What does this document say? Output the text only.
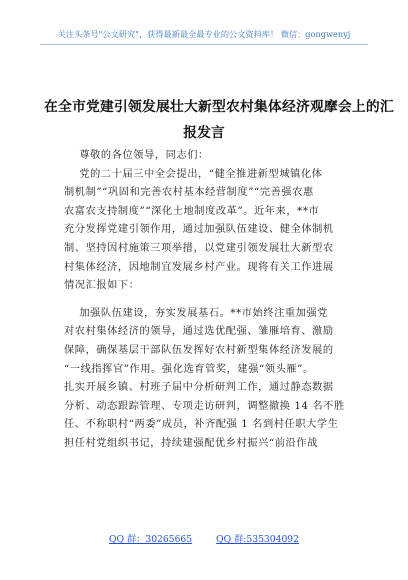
关注头条号"公文研究"，获得最新最全最专业的公文资料库！ 微信：gongwenyj
在全市党建引领发展壮大新型农村集体经济观摩会上的汇
报发言

尊敬的各位领导，同志们：

党的二十届三中全会提出，“健全推进新型城镇化体

制机制”“巩固和完善农村基本经营制度”“完善强农惠

农富农支持制度”“深化土地制度改革”。近年来，**市

充分发挥党建引领作用，通过加强队伍建设、健全体制机

制、坚持因村施策三项举措，以党建引领发展壮大新型农

村集体经济，因地制宜发展乡村产业。现将有关工作进展

情况汇报如下：

加强队伍建设，夯实发展基石。**市始终注重加强党

对农村集体经济的领导，通过选优配强、雏雁培育、激励

保障，确保基层干部队伍发挥好农村新型集体经济发展的

“一线指挥官”作用。强化选育管奖，建强“领头雁”。

扎实开展乡镇、村班子届中分析研判工作，通过静态数据

分析、动态跟踪管理、专项走访研判，调整撤换 14 名不胜

任、不称职村“两委”成员，补齐配强 1 名到村任职大学生

担任村党组织书记，持续建强配优乡村振兴“前沿作战

QQ 群：30265665	QQ 群:535304092
